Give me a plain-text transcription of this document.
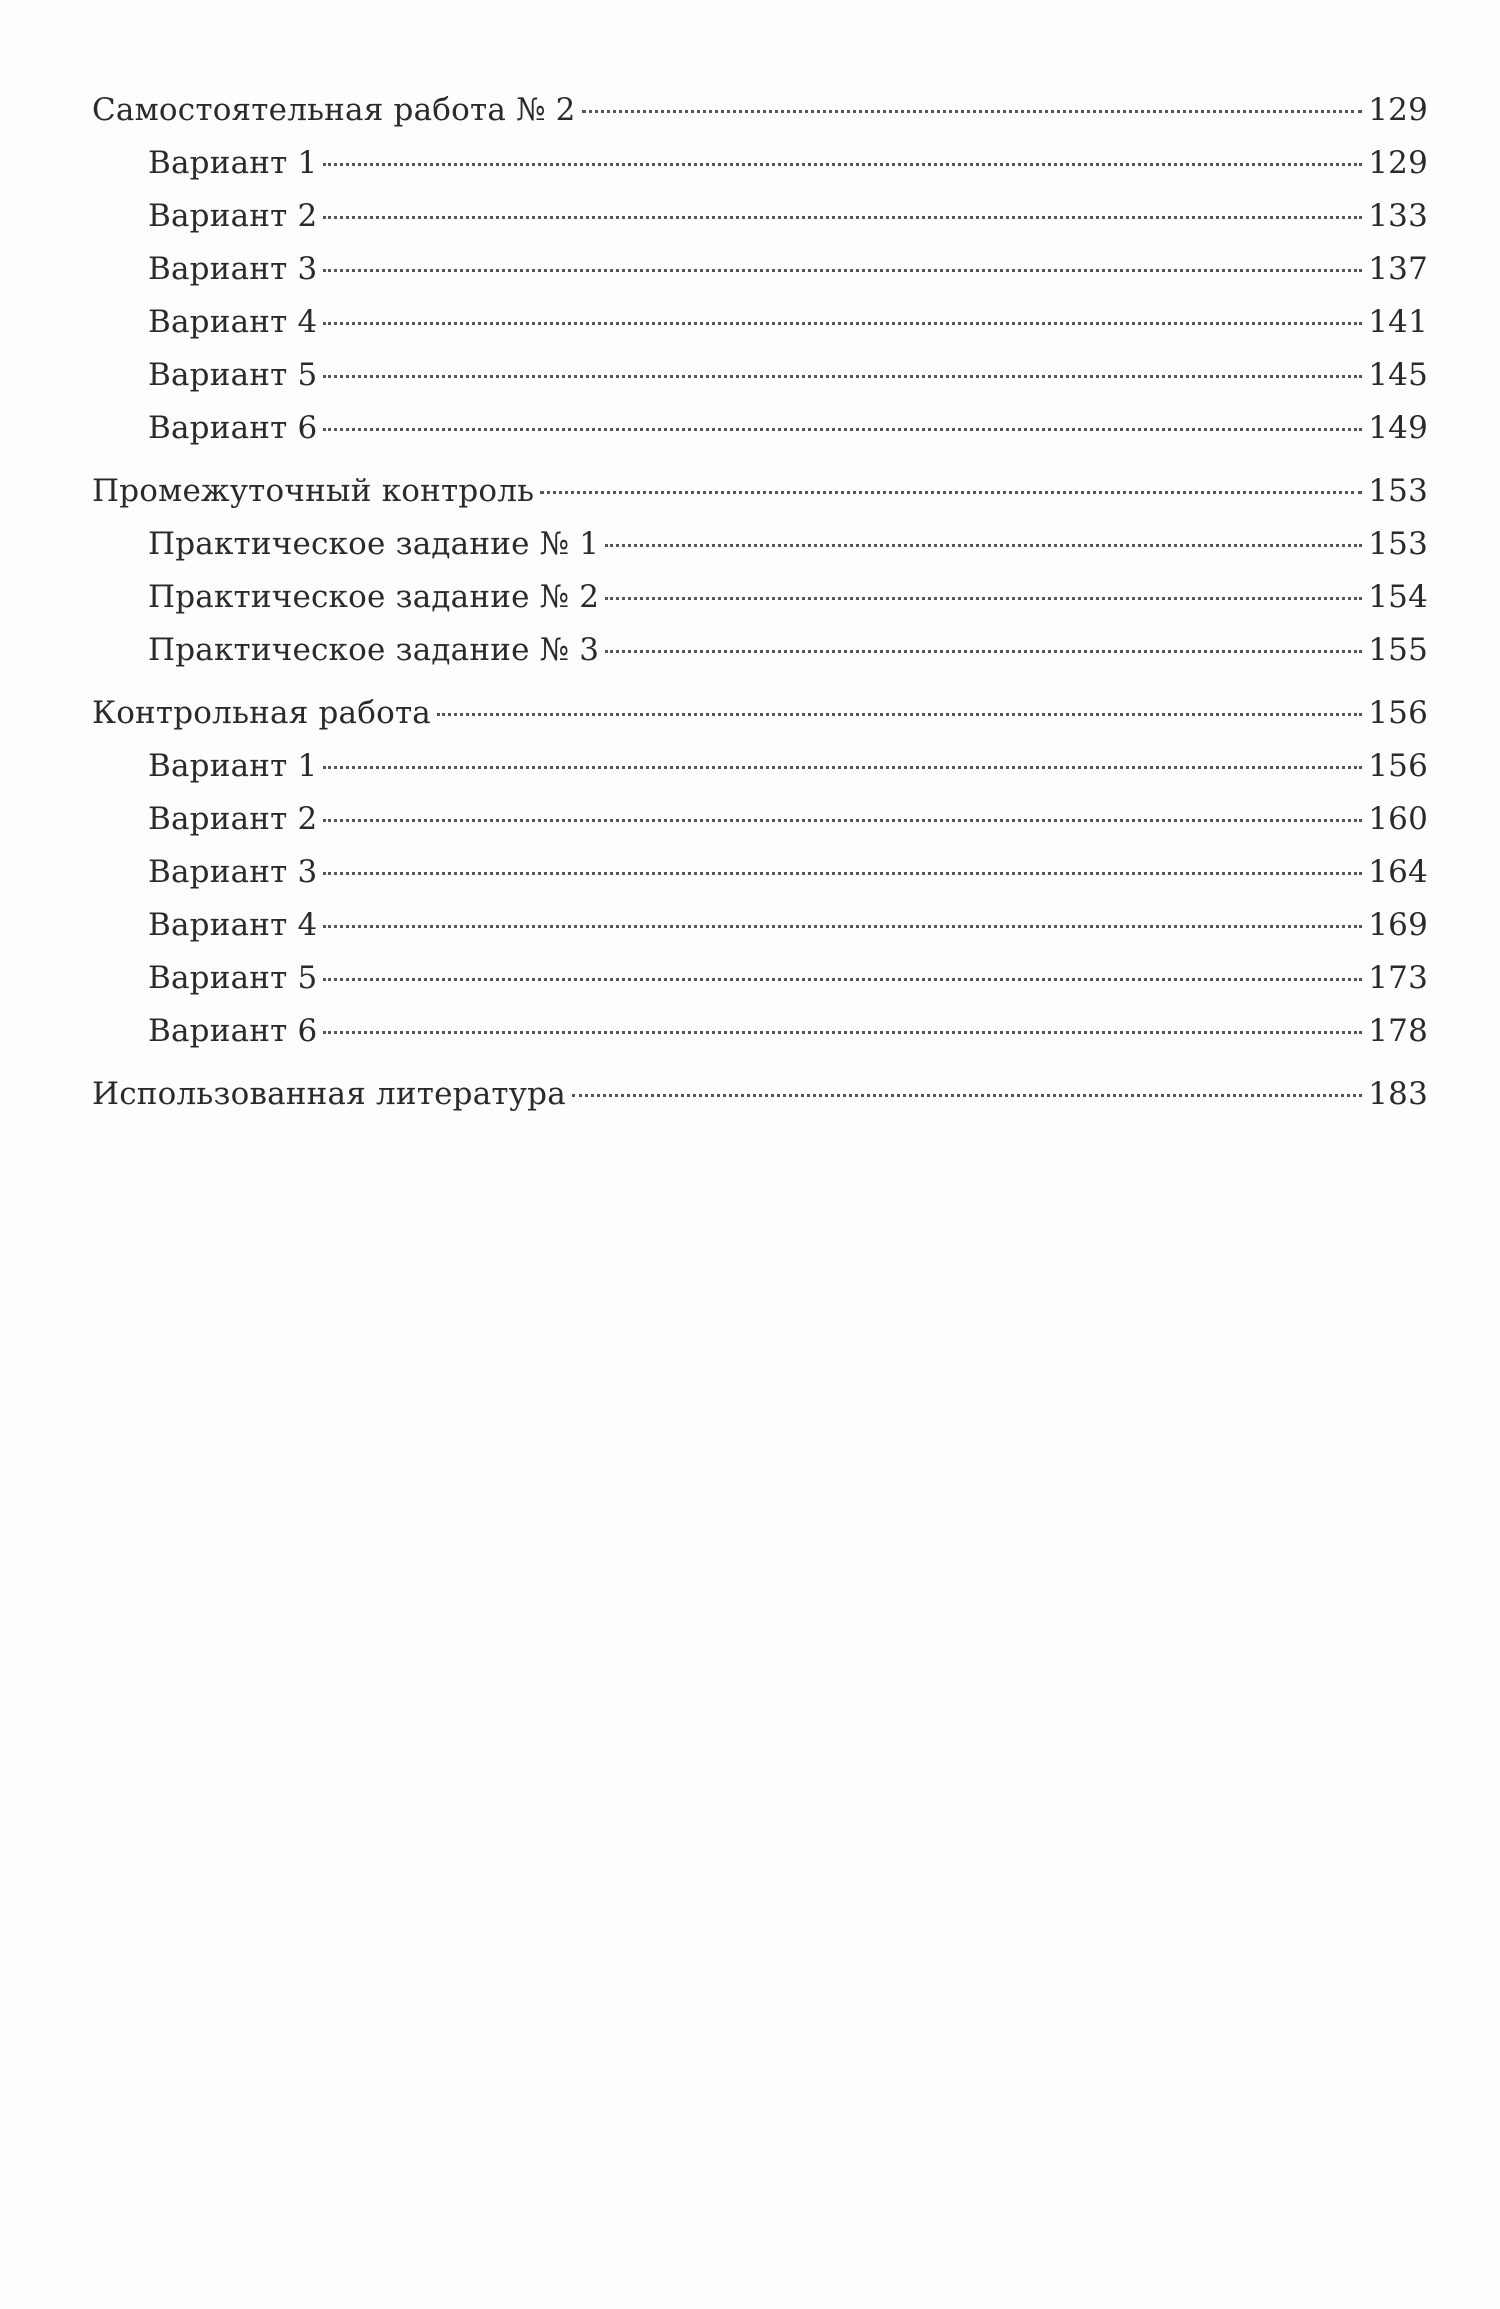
Самостоятельная работа № 2	129
Вариант 1	129
Вариант 2	133
Вариант 3	137
Вариант 4	141
Вариант 5	145
Вариант 6	149
Промежуточный контроль	153
Практическое задание № 1	153
Практическое задание № 2	154
Практическое задание № 3	155
Контрольная работа	156
Вариант 1	156
Вариант 2	160
Вариант 3	164
Вариант 4	169
Вариант 5	173
Вариант 6	178
Использованная литература	183
